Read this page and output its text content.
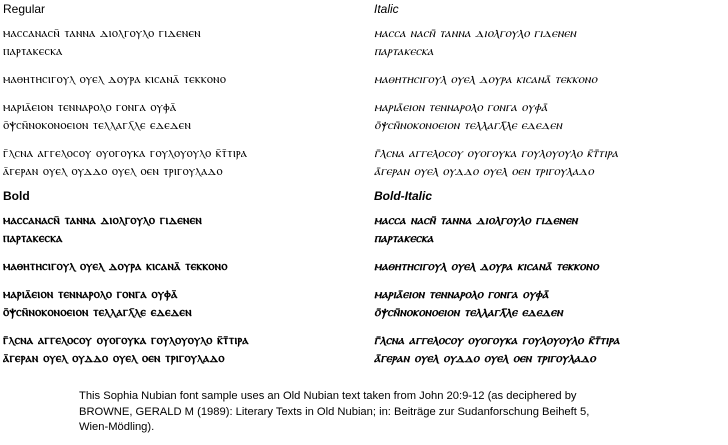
Regular
ⲙⲁⲥⲥⲁⲛⲁⲥⲛ̄ ⲧⲁⲛⲛⲁ ⲇⲓⲟⲗⲅⲟⲩⲗⲟ ⲅⲓⲇⲉⲛⲉⲛ
ⲡⲁⲣⲧⲁⲕⲉⲥⲕⲁ
ⲙⲁⲑⲏⲧⲏⲥⲓⲅⲟⲩⲗ ⲟⲩⲉⲗ ⲇⲟⲩⲣⲁ ⲕⲓⲥⲁⲛⲁ̄ ⲧⲉⲕⲕⲟⲛⲟ
ⲙⲁⲣⲓⲁ̄ⲉⲓⲟⲛ ⲧⲉⲛⲛⲁⲣⲟⲗⲟ ⲅⲟⲛⲅⲁ ⲟⲩⲫⲁ̄
ⲟ̄ⲯⲥⲛ̄ⲛⲟⲕⲟⲛⲟⲉⲓⲟⲛ ⲧⲉⲗⲗⲁⲅⲗ̄ⲗⲉ ⲉⲇⲉⲇⲉⲛ
ⲅ̄ⲗⲥⲛⲁ ⲁⲅⲅⲉⲗⲟⲥⲟⲩ ⲟⲩⲟⲅⲟⲩⲕⲁ ⲅⲟⲩⲗⲟⲩⲟⲩⲗⲟ ⲕ̄ⲧ̄ⲧⲓⲣⲁ
ⲁ̄ⲅⲉⲣⲁⲛ ⲟⲩⲉⲗ ⲟⲩⲇⲇⲟ ⲟⲩⲉⲗ ⲟⲉⲛ ⲧⲣⲓⲅⲟⲩⲗⲁⲇⲟ
Bold
ⲙⲁⲥⲥⲁⲛⲁⲥⲛ̄ ⲧⲁⲛⲛⲁ ⲇⲓⲟⲗⲅⲟⲩⲗⲟ ⲅⲓⲇⲉⲛⲉⲛ
ⲡⲁⲣⲧⲁⲕⲉⲥⲕⲁ
ⲙⲁⲑⲏⲧⲏⲥⲓⲅⲟⲩⲗ ⲟⲩⲉⲗ ⲇⲟⲩⲣⲁ ⲕⲓⲥⲁⲛⲁ̄ ⲧⲉⲕⲕⲟⲛⲟ
ⲙⲁⲣⲓⲁ̄ⲉⲓⲟⲛ ⲧⲉⲛⲛⲁⲣⲟⲗⲟ ⲅⲟⲛⲅⲁ ⲟⲩⲫⲁ̄
ⲟ̄ⲯⲥⲛ̄ⲛⲟⲕⲟⲛⲟⲉⲓⲟⲛ ⲧⲉⲗⲗⲁⲅⲗ̄ⲗⲉ ⲉⲇⲉⲇⲉⲛ
ⲅ̄ⲗⲥⲛⲁ ⲁⲅⲅⲉⲗⲟⲥⲟⲩ ⲟⲩⲟⲅⲟⲩⲕⲁ ⲅⲟⲩⲗⲟⲩⲟⲩⲗⲟ ⲕ̄ⲧ̄ⲧⲓⲣⲁ
ⲁ̄ⲅⲉⲣⲁⲛ ⲟⲩⲉⲗ ⲟⲩⲇⲇⲟ ⲟⲩⲉⲗ ⲟⲉⲛ ⲧⲣⲓⲅⲟⲩⲗⲁⲇⲟ
Italic
ⲙⲁⲥⲥⲁ ⲛⲁⲥⲛ̄ ⲧⲁⲛⲛⲁ ⲇⲓⲟⲗⲅⲟⲩⲗⲟ ⲅⲓⲇⲉⲛⲉⲛ
ⲡⲁⲣⲧⲁⲕⲉⲥⲕⲁ
ⲙⲁⲑⲏⲧⲏⲥⲓⲅⲟⲩⲗ ⲟⲩⲉⲗ ⲇⲟⲩⲣⲁ ⲕⲓⲥⲁⲛⲁ̄ ⲧⲉⲕⲕⲟⲛⲟ
ⲙⲁⲣⲓⲁ̄ⲉⲓⲟⲛ ⲧⲉⲛⲛⲁⲣⲟⲗⲟ ⲅⲟⲛⲅⲁ ⲟⲩⲫⲁ̄
ⲟ̄ⲯⲥⲛ̄ⲛⲟⲕⲟⲛⲟⲉⲓⲟⲛ ⲧⲉⲗⲗⲁⲅⲗ̄ⲗⲉ ⲉⲇⲉⲇⲉⲛ
ⲅ̄ⲗⲥⲛⲁ ⲁⲅⲅⲉⲗⲟⲥⲟⲩ ⲟⲩⲟⲅⲟⲩⲕⲁ ⲅⲟⲩⲗⲟⲩⲟⲩⲗⲟ ⲕ̄ⲧ̄ⲧⲓⲣⲁ
ⲁ̄ⲅⲉⲣⲁⲛ ⲟⲩⲉⲗ ⲟⲩⲇⲇⲟ ⲟⲩⲉⲗ ⲟⲉⲛ ⲧⲣⲓⲅⲟⲩⲗⲁⲇⲟ
Bold-Italic
ⲙⲁⲥⲥⲁ ⲛⲁⲥⲛ̄ ⲧⲁⲛⲛⲁ ⲇⲓⲟⲗⲅⲟⲩⲗⲟ ⲅⲓⲇⲉⲛⲉⲛ
ⲡⲁⲣⲧⲁⲕⲉⲥⲕⲁ
ⲙⲁⲑⲏⲧⲏⲥⲓⲅⲟⲩⲗ ⲟⲩⲉⲗ ⲇⲟⲩⲣⲁ ⲕⲓⲥⲁⲛⲁ̄ ⲧⲉⲕⲕⲟⲛⲟ
ⲙⲁⲣⲓⲁ̄ⲉⲓⲟⲛ ⲧⲉⲛⲛⲁⲣⲟⲗⲟ ⲅⲟⲛⲅⲁ ⲟⲩⲫⲁ̄
ⲟ̄ⲯⲥⲛ̄ⲛⲟⲕⲟⲛⲟⲉⲓⲟⲛ ⲧⲉⲗⲗⲁⲅⲗ̄ⲗⲉ ⲉⲇⲉⲇⲉⲛ
ⲅ̄ⲗⲥⲛⲁ ⲁⲅⲅⲉⲗⲟⲥⲟⲩ ⲟⲩⲟⲅⲟⲩⲕⲁ ⲅⲟⲩⲗⲟⲩⲟⲩⲗⲟ ⲕ̄ⲧ̄ⲧⲓⲣⲁ
ⲁ̄ⲅⲉⲣⲁⲛ ⲟⲩⲉⲗ ⲟⲩⲇⲇⲟ ⲟⲩⲉⲗ ⲟⲉⲛ ⲧⲣⲓⲅⲟⲩⲗⲁⲇⲟ
This Sophia Nubian font sample uses an Old Nubian text taken from John 20:9-12 (as deciphered by
BROWNE, GERALD M (1989): Literary Texts in Old Nubian; in: Beiträge zur Sudanforschung Beiheft 5,
Wien-Mödling).
